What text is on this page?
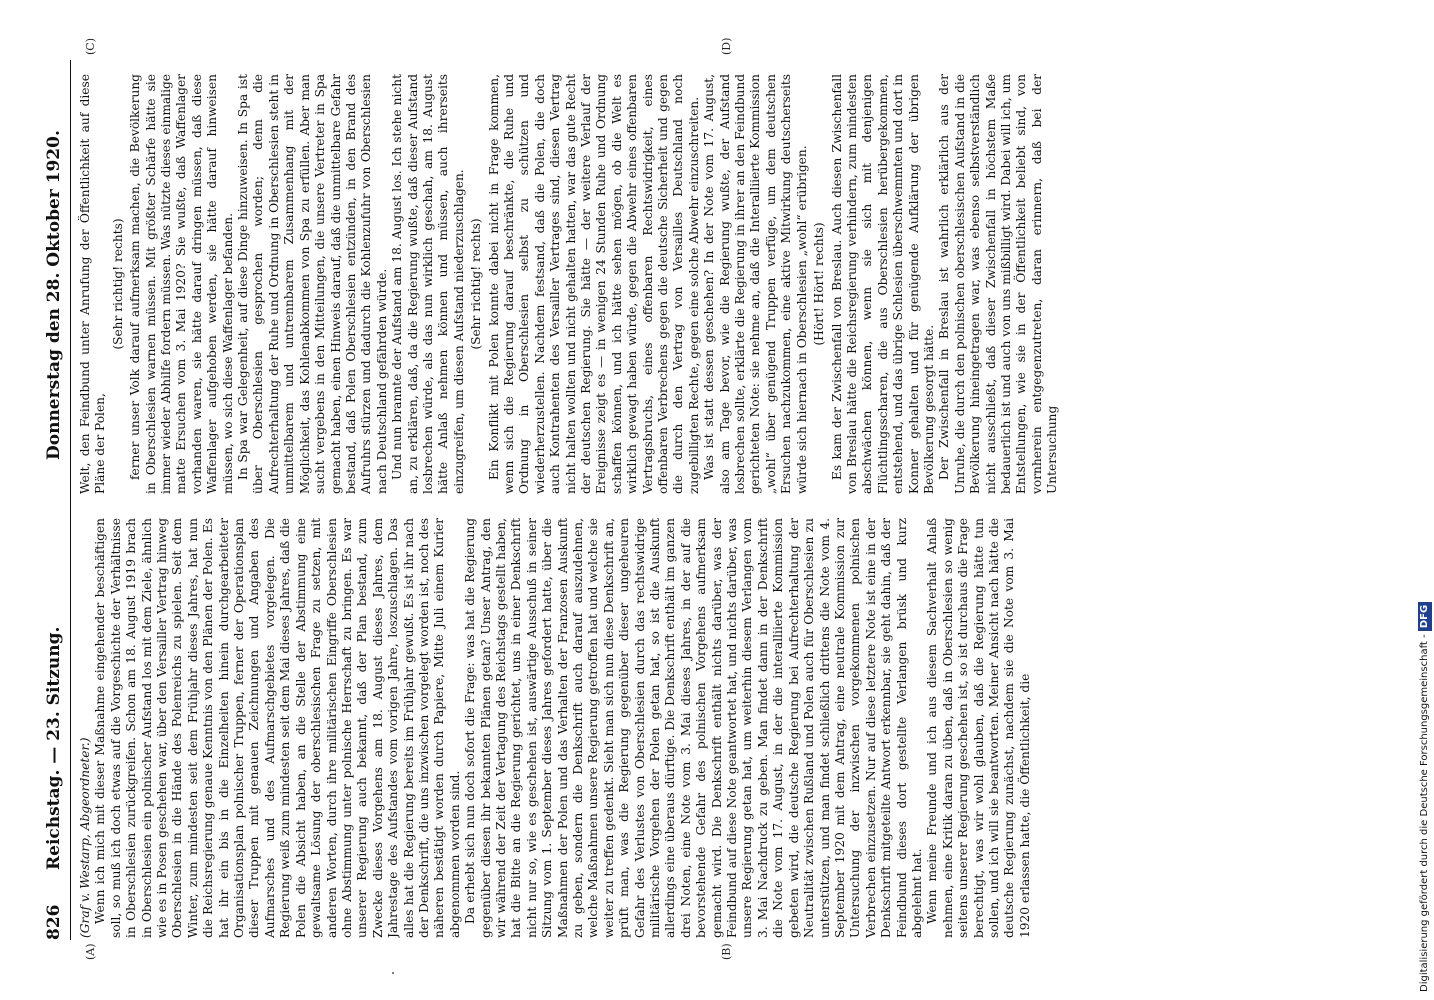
826
Reichstag. — 23. Sitzung.
Donnerstag den 28. Oktober 1920.
(A)	(B)
(C)	(D)

(Graf v. Westarp, Abgeordneter.) Wenn ich mich mit dieser Maßnahme eingehender beschäftigen soll, so muß ich doch etwas auf die Vorgeschichte der Verhältnisse in Oberschlesien zurückgreifen. Schon am 18. August 1919 brach in Oberschlesien ein polnischer Aufstand los mit dem Ziele, ähnlich wie es in Posen geschehen war, über den Versailler Vertrag hinweg Oberschlesien in die Hände des Polenreichs zu spielen. Seit dem Winter, zum mindesten seit dem Frühjahr dieses Jahres, hat nun die Reichsregierung genaue Kenntnis von den Plänen der Polen. Es hat ihr ein bis in die Einzelheiten hinein durchgearbeiteter Organisationsplan polnischer Truppen, ferner der Operationsplan dieser Truppen mit genauen Zeichnungen und Angaben des Aufmarsches und des Aufmarschgebietes vorgelegen. Die Regierung weiß zum mindesten seit dem Mai dieses Jahres, daß die Polen die Absicht haben, an die Stelle der Abstimmung eine gewaltsame Lösung der oberschlesischen Frage zu setzen, mit anderen Worten, durch ihre militärischen Eingriffe Oberschlesien ohne Abstimmung unter polnische Herrschaft zu bringen. Es war unserer Regierung auch bekannt, daß der Plan bestand, zum Zwecke dieses Vorgehens am 18. August dieses Jahres, dem Jahrestage des Aufstandes vom vorigen Jahre, loszuschlagen. Das alles hat die Regierung bereits im Frühjahr gewußt. Es ist ihr nach der Denkschrift, die uns inzwischen vorgelegt worden ist, noch des näheren bestätigt worden durch Papiere, Mitte Juli einem Kurier abgenommen worden sind. Da erhebt sich nun doch sofort die Frage: was hat die Regierung gegenüber diesen ihr bekannten Plänen getan? Unser Antrag, den wir während der Zeit der Vertagung des Reichstags gestellt haben, hat die Bitte an die Regierung gerichtet, uns in einer Denkschrift nicht nur so, wie es geschehen ist, auswärtige Ausschuß in seiner Sitzung vom 1. September dieses Jahres gefordert hatte, über die Maßnahmen der Polen und das Verhalten der Franzosen Auskunft zu geben, sondern die Denkschrift auch darauf auszudehnen, welche Maßnahmen unsere Regierung getroffen hat und welche sie weiter zu treffen gedenkt. Sieht man sich nun diese Denkschrift an, prüft man, was die Regierung gegenüber dieser ungeheuren Gefahr des Verlustes von Oberschlesien durch das rechtswidrige militärische Vorgehen der Polen getan hat, so ist die Auskunft allerdings eine überaus dürftige. Die Denkschrift enthält im ganzen drei Noten, eine Note vom 3. Mai dieses Jahres, in der auf die bevorstehende Gefahr des polnischen Vorgehens aufmerksam gemacht wird. Die Denkschrift enthält nichts darüber, was der Feindbund auf diese Note geantwortet hat, und nichts darüber, was unsere Regierung getan hat, um weiterhin diesem Verlangen vom 3. Mai Nachdruck zu geben. Man findet dann in der Denkschrift die Note vom 17. August, in der die interalliierte Kommission gebeten wird, die deutsche Regierung bei Aufrechterhaltung der Neutralität zwischen Rußland und Polen auch für Oberschlesien zu unterstützen, und man findet schließlich drittens die Note vom 4. September 1920 mit dem Antrag, eine neutrale Kommission zur Untersuchung der inzwischen vorgekommenen polnischen Verbrechen einzusetzen. Nur auf diese letztere Note ist eine in der Denkschrift mitgeteilte Antwort erkennbar, sie geht dahin, daß der Feindbund dieses dort gestellte Verlangen brüsk und kurz abgelehnt hat. Wenn meine Freunde und ich aus diesem Sachverhalt Anlaß nehmen, eine Kritik daran zu üben, daß in Oberschlesien so wenig seitens unserer Regierung geschehen ist, so ist durchaus die Frage berechtigt, was wir wohl glauben, daß die Regierung hätte tun sollen, und ich will sie beantworten. Meiner Ansicht nach hätte die deutsche Regierung zunächst, nachdem sie die Note vom 3. Mai 1920 erlassen hatte, die Öffentlichkeit, die

Welt, den Feindbund unter Anrufung der Öffentlichkeit auf diese Pläne der Polen,

(Sehr richtig! rechts) ferner unser Volk darauf aufmerksam machen, die Bevölkerung in Oberschlesien warnen müssen. Mit größter Schärfe hätte sie immer wieder Abhilfe fordern müssen. Was nützte dieses einmalige matte Ersuchen vom 3. Mai 1920? Sie wußte, daß Waffenlager vorhanden waren, sie hätte darauf dringen müssen, daß diese Waffenlager aufgehoben werden, sie hätte darauf hinweisen müssen, wo sich diese Waffenlager befanden. In Spa war Gelegenheit, auf diese Dinge hinzuweisen. In Spa ist über Oberschlesien gesprochen worden; denn die Aufrechterhaltung der Ruhe und Ordnung in Oberschlesien steht in unmittelbarem und untrennbarem Zusammenhang mit der Möglichkeit, das Kohlenabkommen von Spa zu erfüllen. Aber man sucht vergebens in den Mitteilungen, die unsere Vertreter in Spa gemacht haben, einen Hinweis darauf, daß die unmittelbare Gefahr bestand, daß Polen Oberschlesien entzünden, in den Brand des Aufruhrs stürzen und dadurch die Kohlenzufuhr von Oberschlesien nach Deutschland gefährden würde. Und nun brannte der Aufstand am 18. August los. Ich stehe nicht an, zu erklären, daß, da die Regierung wußte, daß dieser Aufstand losbrechen würde, als das nun wirklich geschah, am 18. August hätte Anlaß nehmen können und müssen, auch ihrerseits einzugreifen, um diesen Aufstand niederzuschlagen. (Sehr richtig! rechts) Ein Konflikt mit Polen konnte dabei nicht in Frage kommen, wenn sich die Regierung darauf beschränkte, die Ruhe und Ordnung in Oberschlesien selbst zu schützen und wiederherzustellen. Nachdem festsand, daß die Polen, die doch auch Kontrahenten des Versailler Vertrages sind, diesen Vertrag nicht halten wollten und nicht gehalten hatten, war das gute Recht der deutschen Regierung. Sie hätte — der weitere Verlauf der Ereignisse zeigt es — in wenigen 24 Stunden Ruhe und Ordnung schaffen können, und ich hätte sehen mögen, ob die Welt es wirklich gewagt haben würde, gegen die Abwehr eines offenbaren Vertragsbruchs, eines offenbaren Rechtswidrigkeit, eines offenbaren Verbrechens gegen die deutsche Sicherheit und gegen die durch den Vertrag von Versailles Deutschland noch zugebilligten Rechte, gegen eine solche Abwehr einzuschreiten. Was ist statt dessen geschehen? In der Note vom 17. August, also am Tage bevor, wie die Regierung wußte, der Aufstand losbrechen sollte, erklärte die Regierung in ihrer an den Feindbund gerichteten Note: sie nehme an, daß die Interalliierte Kommission „wohl“ über genügend Truppen verfüge, um dem deutschen Ersuchen nachzukommen, eine aktive Mitwirkung deutscherseits würde sich hiernach in Oberschlesien „wohl“ erübrigen. (Hört! Hört! rechts) Es kam der Zwischenfall von Breslau. Auch diesen Zwischenfall von Breslau hätte die Reichsregierung verhindern, zum mindesten abschwächen können, wenn sie sich mit denjenigen Flüchtlingsscharen, die aus Oberschlesien herübergekommen, entstehend, und das übrige Schlesien überschwemmten und dort in Konner gehalten und für genügende Aufklärung der übrigen Bevölkerung gesorgt hätte. Der Zwischenfall in Breslau ist wahrlich erklärlich aus der Unruhe, die durch den polnischen oberschlesischen Aufstand in die Bevölkerung hineingetragen war, was ebenso selbstverständlich nicht ausschließt, daß dieser Zwischenfall in höchstem Maße bedauerlich ist und auch von uns mißbilligt wird. Dabei will ich, um Entstellungen, wie sie in der Öffentlichkeit beliebt sind, von vornherein entgegenzutreten, daran erinnern, daß bei der Untersuchung

Digitalisierung gefördert durch die Deutsche Forschungsgemeinschaft - DFG
